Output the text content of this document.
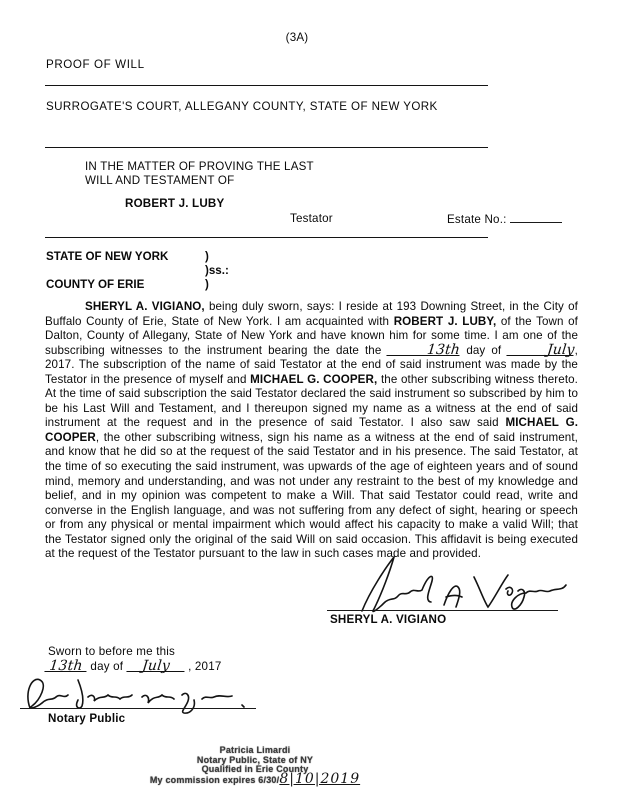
(3A)
PROOF OF WILL
SURROGATE'S COURT, ALLEGANY COUNTY, STATE OF NEW YORK
IN THE MATTER OF PROVING THE LAST
WILL AND TESTAMENT OF
ROBERT J. LUBY
Testator	Estate No.:
STATE OF NEW YORK	)
)ss.:
COUNTY OF ERIE	)
SHERYL A. VIGIANO, being duly sworn, says: I reside at 193 Downing Street, in the City of Buffalo County of Erie, State of New York. I am acquainted with ROBERT J. LUBY, of the Town of Dalton, County of Allegany, State of New York and have known him for some time. I am one of the subscribing witnesses to the instrument bearing the date the	13th day of	July, 2017. The subscription of the name of said Testator at the end of said instrument was made by the Testator in the presence of myself and MICHAEL G. COOPER, the other subscribing witness thereto. At the time of said subscription the said Testator declared the said instrument so subscribed by him to be his Last Will and Testament, and I thereupon signed my name as a witness at the end of said instrument at the request and in the presence of said Testator. I also saw said MICHAEL G. COOPER, the other subscribing witness, sign his name as a witness at the end of said instrument, and know that he did so at the request of the said Testator and in his presence. The said Testator, at the time of so executing the said instrument, was upwards of the age of eighteen years and of sound mind, memory and understanding, and was not under any restraint to the best of my knowledge and belief, and in my opinion was competent to make a Will. That said Testator could read, write and converse in the English language, and was not suffering from any defect of sight, hearing or speech or from any physical or mental impairment which would affect his capacity to make a valid Will; that the Testator signed only the original of the said Will on said occasion. This affidavit is being executed at the request of the Testator pursuant to the law in such cases made and provided.
SHERYL A. VIGIANO
Sworn to before me this
13th day of July , 2017
Notary Public
Patricia Limardi
Notary Public, State of NY
Qualified in Erie County
My commission expires 6/30/8|10|2019
